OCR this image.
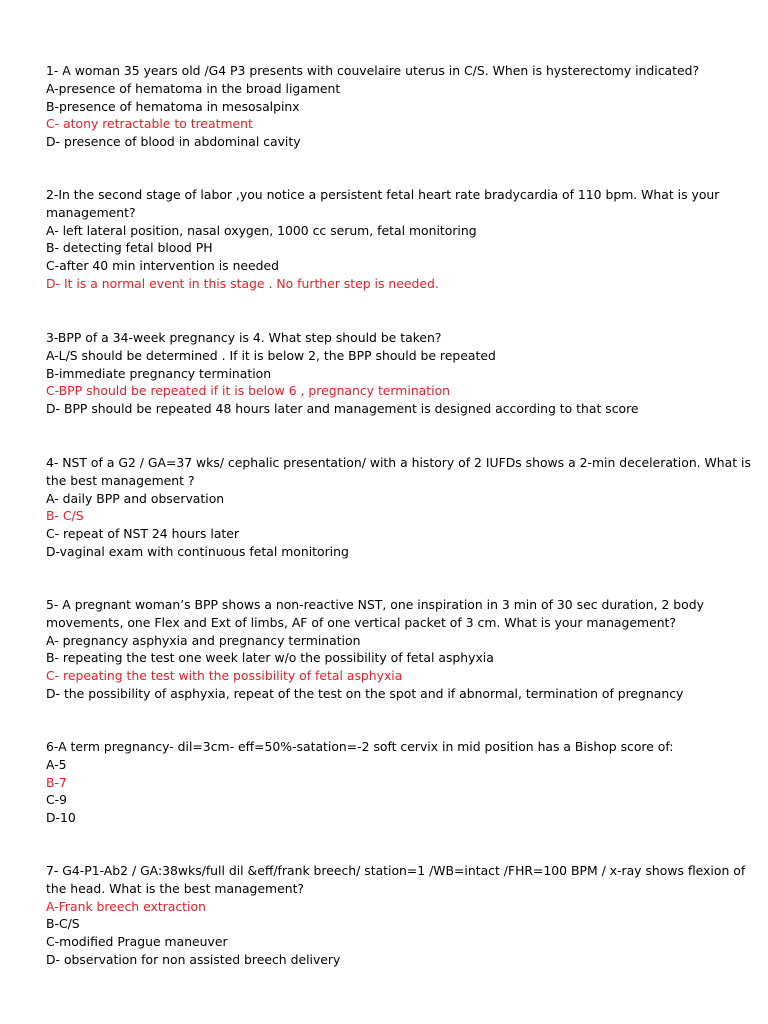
1- A woman 35 years old /G4 P3 presents with couvelaire uterus in C/S. When is hysterectomy indicated?

A-presence of hematoma in the broad ligament

B-presence of hematoma in mesosalpinx

C- atony retractable to treatment

D- presence of blood in abdominal cavity

2-In the second stage of labor ,you notice a persistent fetal heart rate bradycardia of 110 bpm. What is your management?

A- left lateral position, nasal oxygen, 1000 cc serum, fetal monitoring

B- detecting fetal blood PH

C-after 40 min intervention is needed

D- It is a normal event in this stage . No further step is needed.

3-BPP of a 34-week pregnancy is 4. What step should be taken?

A-L/S should be determined . If it is below 2, the BPP should be repeated

B-immediate pregnancy termination

C-BPP should be repeated if it is below 6 , pregnancy termination

D- BPP should be repeated 48 hours later and management is designed according to that score

4- NST of a G2 / GA=37 wks/ cephalic presentation/ with a history of 2 IUFDs shows a 2-min deceleration. What is the best management ?

A- daily BPP and observation

B- C/S

C- repeat of NST 24 hours later

D-vaginal exam with continuous fetal monitoring

5- A pregnant woman’s BPP shows a non-reactive NST, one inspiration in 3 min of 30 sec duration, 2 body movements, one Flex and Ext of limbs, AF of one vertical packet of 3 cm. What is your management?

A- pregnancy asphyxia and pregnancy termination

B- repeating the test one week later w/o the possibility of fetal asphyxia

C- repeating the test with the possibility of fetal asphyxia

D- the possibility of asphyxia, repeat of the test on the spot and if abnormal, termination of pregnancy

6-A term pregnancy- dil=3cm- eff=50%-satation=-2 soft cervix in mid position has a Bishop score of:

A-5

B-7

C-9

D-10

7- G4-P1-Ab2 / GA:38wks/full dil &eff/frank breech/ station=1 /WB=intact /FHR=100 BPM / x-ray shows flexion of the head. What is the best management?

A-Frank breech extraction

B-C/S

C-modified Prague maneuver

D- observation for non assisted breech delivery
